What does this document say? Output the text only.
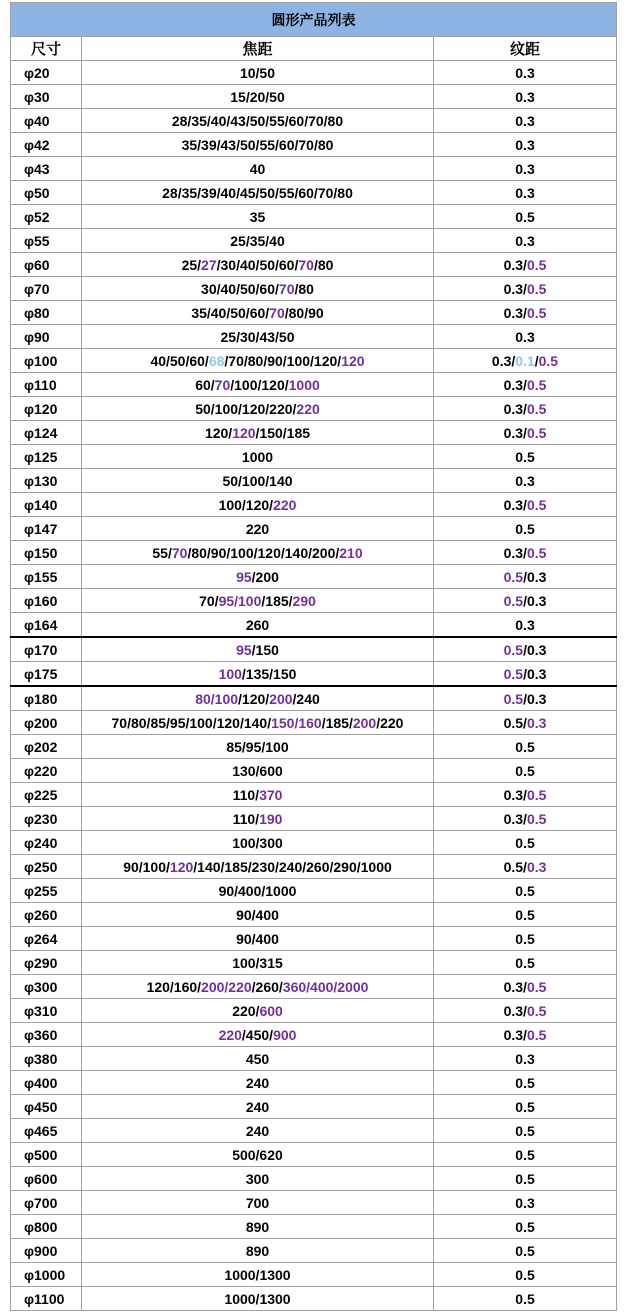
圆形产品列表		
尺寸	焦距	纹距
φ20	10/50	0.3
φ30	15/20/50	0.3
φ40	28/35/40/43/50/55/60/70/80	0.3
φ42	35/39/43/50/55/60/70/80	0.3
φ43	40	0.3
φ50	28/35/39/40/45/50/55/60/70/80	0.3
φ52	35	0.5
φ55	25/35/40	0.3
φ60	25/27/30/40/50/60/70/80	0.3/0.5
φ70	30/40/50/60/70/80	0.3/0.5
φ80	35/40/50/60/70/80/90	0.3/0.5
φ90	25/30/43/50	0.3
φ100	40/50/60/68/70/80/90/100/120/120	0.3/0.1/0.5
φ110	60/70/100/120/1000	0.3/0.5
φ120	50/100/120/220/220	0.3/0.5
φ124	120/120/150/185	0.3/0.5
φ125	1000	0.5
φ130	50/100/140	0.3
φ140	100/120/220	0.3/0.5
φ147	220	0.5
φ150	55/70/80/90/100/120/140/200/210	0.3/0.5
φ155	95/200	0.5/0.3
φ160	70/95/100/185/290	0.5/0.3
φ164	260	0.3
φ170	95/150	0.5/0.3
φ175	100/135/150	0.5/0.3
φ180	80/100/120/200/240	0.5/0.3
φ200	70/80/85/95/100/120/140/150/160/185/200/220	0.5/0.3
φ202	85/95/100	0.5
φ220	130/600	0.5
φ225	110/370	0.3/0.5
φ230	110/190	0.3/0.5
φ240	100/300	0.5
φ250	90/100/120/140/185/230/240/260/290/1000	0.5/0.3
φ255	90/400/1000	0.5
φ260	90/400	0.5
φ264	90/400	0.5
φ290	100/315	0.5
φ300	120/160/200/220/260/360/400/2000	0.3/0.5
φ310	220/600	0.3/0.5
φ360	220/450/900	0.3/0.5
φ380	450	0.3
φ400	240	0.5
φ450	240	0.5
φ465	240	0.5
φ500	500/620	0.5
φ600	300	0.5
φ700	700	0.3
φ800	890	0.5
φ900	890	0.5
φ1000	1000/1300	0.5
φ1100	1000/1300	0.5
